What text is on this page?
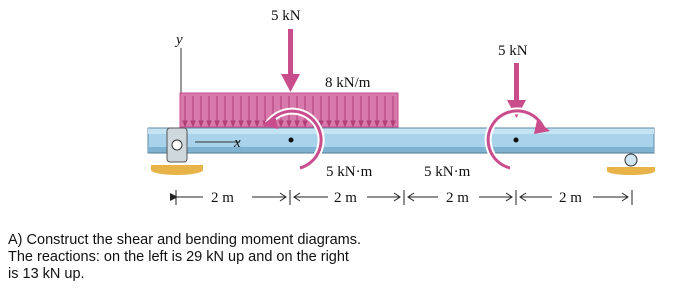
y
8 kN/m
x
5 kN
5 kN
5 kN·m	5 kN·m
2 m	2 m	2 m	2 m
A) Construct the shear and bending moment diagrams.
The reactions: on the left is 29 kN up and on the right
is 13 kN up.
